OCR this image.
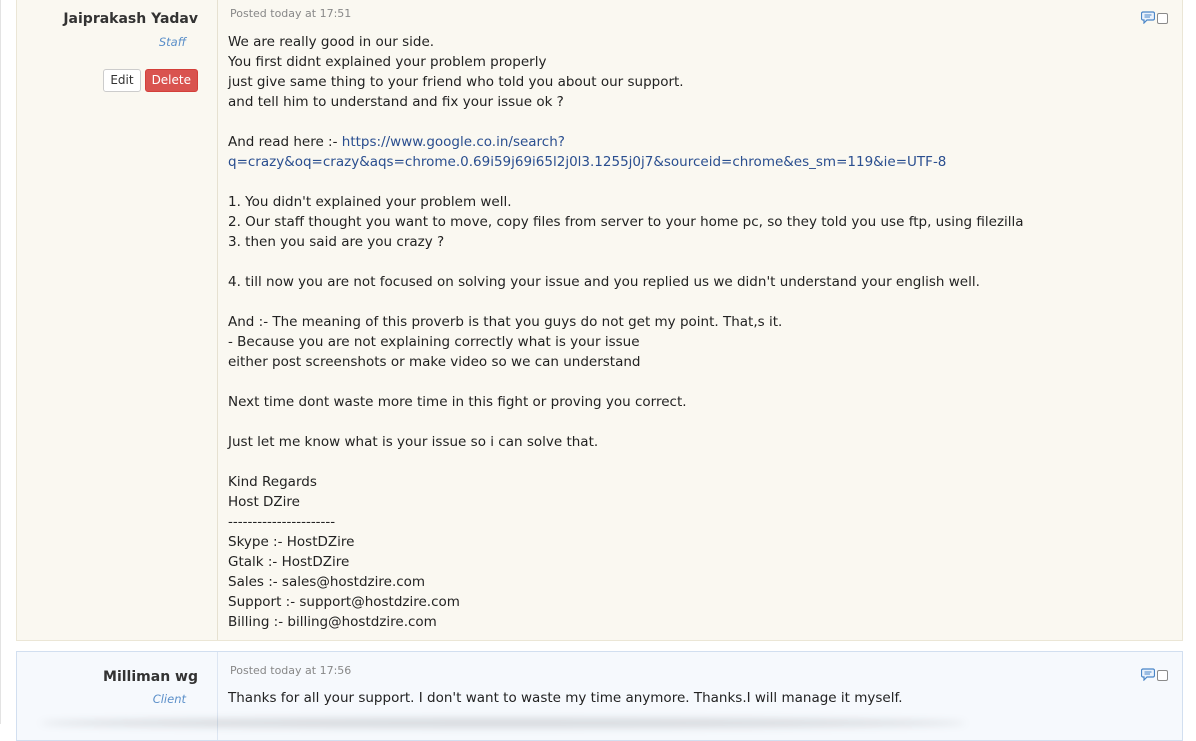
Jaiprakash Yadav
Staff
Edit	Delete
Posted today at 17:51
We are really good in our side.
You first didnt explained your problem properly
just give same thing to your friend who told you about our support.
and tell him to understand and fix your issue ok ?
And read here :- https://www.google.co.in/search?
q=crazy&oq=crazy&aqs=chrome.0.69i59j69i65l2j0l3.1255j0j7&sourceid=chrome&es_sm=119&ie=UTF-8
1. You didn't explained your problem well.
2. Our staff thought you want to move, copy files from server to your home pc, so they told you use ftp, using filezilla
3. then you said are you crazy ?
4. till now you are not focused on solving your issue and you replied us we didn't understand your english well.
And :- The meaning of this proverb is that you guys do not get my point. That,s it.
- Because you are not explaining correctly what is your issue
either post screenshots or make video so we can understand
Next time dont waste more time in this fight or proving you correct.
Just let me know what is your issue so i can solve that.
Kind Regards
Host DZire
----------------------
Skype :- HostDZire
Gtalk :- HostDZire
Sales :- sales@hostdzire.com
Support :- support@hostdzire.com
Billing :- billing@hostdzire.com
Milliman wg
Client
Posted today at 17:56
Thanks for all your support. I don't want to waste my time anymore. Thanks.I will manage it myself.
